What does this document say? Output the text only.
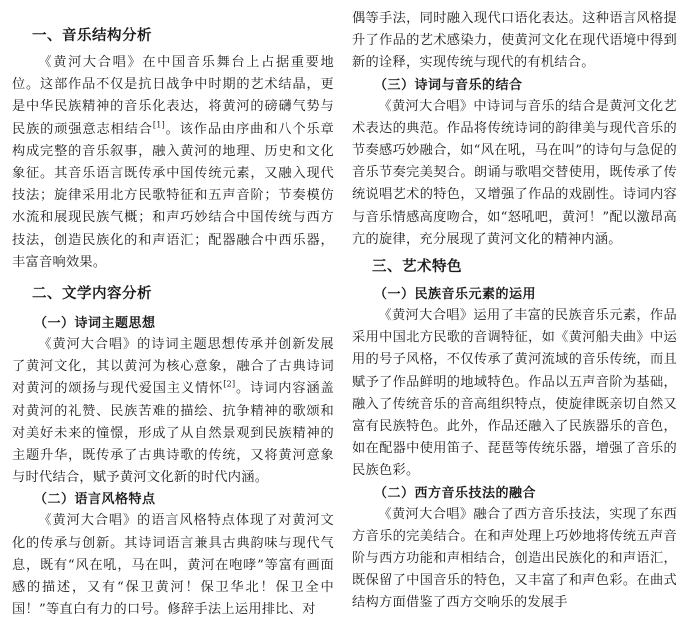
一、音乐结构分析

《黄河大合唱》在中国音乐舞台上占据重要地位。这部作品不仅是抗日战争中时期的艺术结晶，更是中华民族精神的音乐化表达，将黄河的磅礴气势与民族的顽强意志相结合[1]。该作品由序曲和八个乐章构成完整的音乐叙事，融入黄河的地理、历史和文化象征。其音乐语言既传承中国传统元素，又融入现代技法；旋律采用北方民歌特征和五声音阶；节奏模仿水流和展现民族气概；和声巧妙结合中国传统与西方技法，创造民族化的和声语汇；配器融合中西乐器，丰富音响效果。

二、文学内容分析
（一）诗词主题思想

《黄河大合唱》的诗词主题思想传承并创新发展了黄河文化，其以黄河为核心意象，融合了古典诗词对黄河的颂扬与现代爱国主义情怀[2]。诗词内容涵盖对黄河的礼赞、民族苦难的描绘、抗争精神的歌颂和对美好未来的憧憬，形成了从自然景观到民族精神的主题升华，既传承了古典诗歌的传统，又将黄河意象与时代结合，赋予黄河文化新的时代内涵。

（二）语言风格特点

《黄河大合唱》的语言风格特点体现了对黄河文化的传承与创新。其诗词语言兼具古典韵味与现代气息，既有“风在吼，马在叫，黄河在咆哮”等富有画面感的描述，又有“保卫黄河！保卫华北！保卫全中国！”等直白有力的口号。修辞手法上运用排比、对

偶等手法，同时融入现代口语化表达。这种语言风格提升了作品的艺术感染力，使黄河文化在现代语境中得到新的诠释，实现传统与现代的有机结合。

（三）诗词与音乐的结合

《黄河大合唱》中诗词与音乐的结合是黄河文化艺术表达的典范。作品将传统诗词的韵律美与现代音乐的节奏感巧妙融合，如“风在吼，马在叫”的诗句与急促的音乐节奏完美契合。朗诵与歌唱交替使用，既传承了传统说唱艺术的特色，又增强了作品的戏剧性。诗词内容与音乐情感高度吻合，如“怒吼吧，黄河！”配以激昂高亢的旋律，充分展现了黄河文化的精神内涵。

三、艺术特色
（一）民族音乐元素的运用

《黄河大合唱》运用了丰富的民族音乐元素，作品采用中国北方民歌的音调特征，如《黄河船夫曲》中运用的号子风格，不仅传承了黄河流域的音乐传统，而且赋予了作品鲜明的地域特色。作品以五声音阶为基础，融入了传统音乐的音高组织特点，使旋律既亲切自然又富有民族特色。此外，作品还融入了民族器乐的音色，如在配器中使用笛子、琵琶等传统乐器，增强了音乐的民族色彩。

（二）西方音乐技法的融合

《黄河大合唱》融合了西方音乐技法，实现了东西方音乐的完美结合。在和声处理上巧妙地将传统五声音阶与西方功能和声相结合，创造出民族化的和声语汇，既保留了中国音乐的特色，又丰富了和声色彩。在曲式结构方面借鉴了西方交响乐的发展手
